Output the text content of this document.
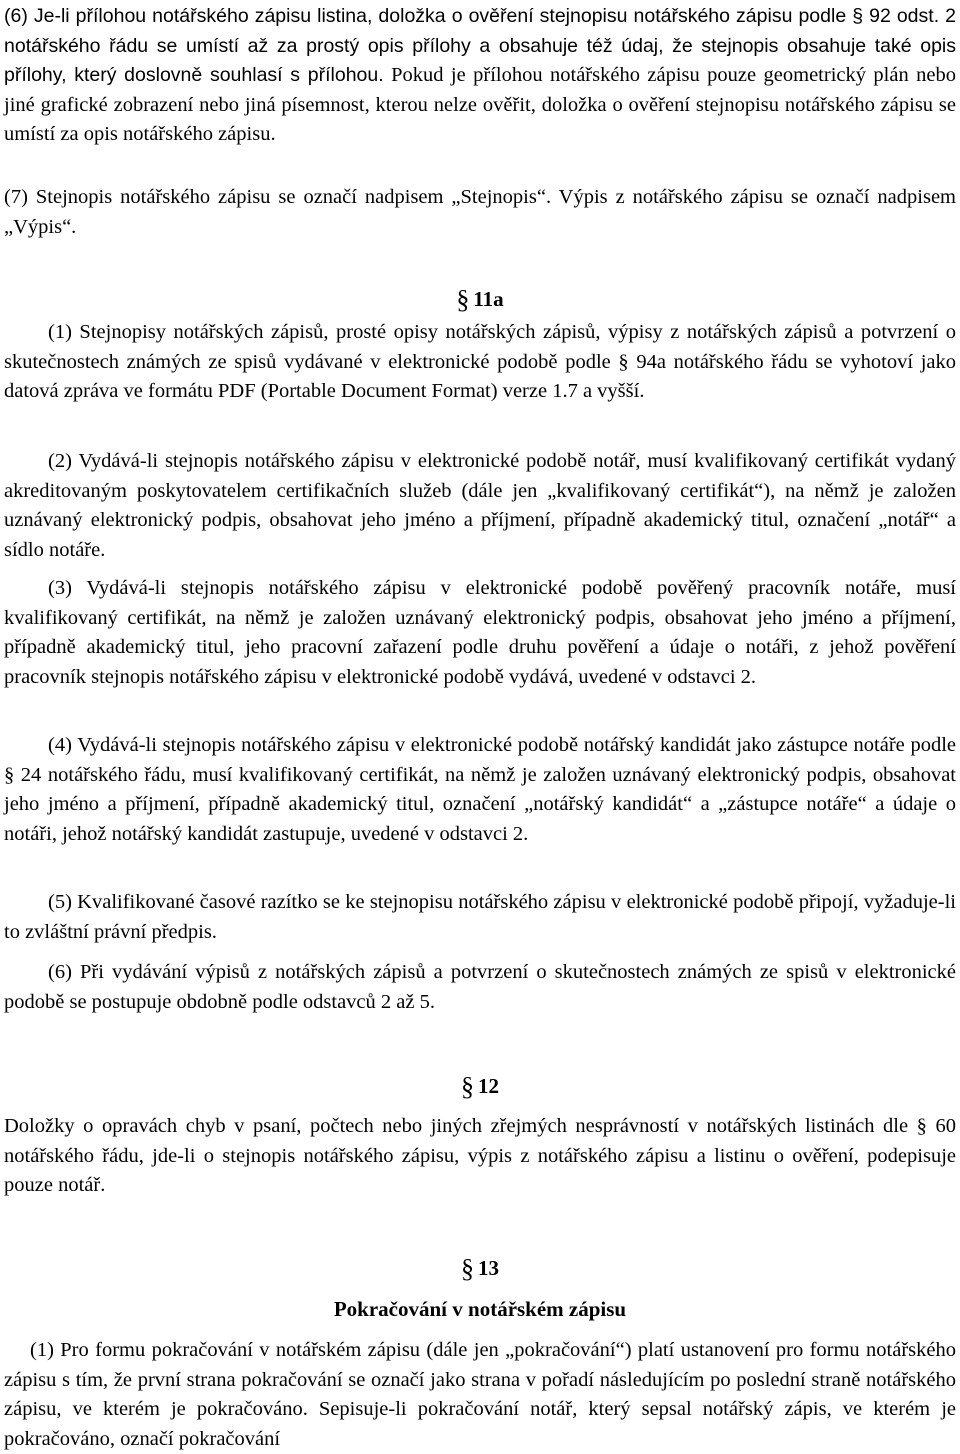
(6) Je-li přílohou notářského zápisu listina, doložka o ověření stejnopisu notářského zápisu podle § 92 odst. 2 notářského řádu se umístí až za prostý opis přílohy a obsahuje též údaj, že stejnopis obsahuje také opis přílohy, který doslovně souhlasí s přílohou. Pokud je přílohou notářského zápisu pouze geometrický plán nebo jiné grafické zobrazení nebo jiná písemnost, kterou nelze ověřit, doložka o ověření stejnopisu notářského zápisu se umístí za opis notářského zápisu.

(7) Stejnopis notářského zápisu se označí nadpisem „Stejnopis“. Výpis z notářského zápisu se označí nadpisem „Výpis“.

§ 11a

(1) Stejnopisy notářských zápisů, prosté opisy notářských zápisů, výpisy z notářských zápisů a potvrzení o skutečnostech známých ze spisů vydávané v elektronické podobě podle § 94a notářského řádu se vyhotoví jako datová zpráva ve formátu PDF (Portable Document Format) verze 1.7 a vyšší.

(2) Vydává-li stejnopis notářského zápisu v elektronické podobě notář, musí kvalifikovaný certifikát vydaný akreditovaným poskytovatelem certifikačních služeb (dále jen „kvalifikovaný certifikát“), na němž je založen uznávaný elektronický podpis, obsahovat jeho jméno a příjmení, případně akademický titul, označení „notář“ a sídlo notáře.

(3) Vydává-li stejnopis notářského zápisu v elektronické podobě pověřený pracovník notáře, musí kvalifikovaný certifikát, na němž je založen uznávaný elektronický podpis, obsahovat jeho jméno a příjmení, případně akademický titul, jeho pracovní zařazení podle druhu pověření a údaje o notáři, z jehož pověření pracovník stejnopis notářského zápisu v elektronické podobě vydává, uvedené v odstavci 2.

(4) Vydává-li stejnopis notářského zápisu v elektronické podobě notářský kandidát jako zástupce notáře podle § 24 notářského řádu, musí kvalifikovaný certifikát, na němž je založen uznávaný elektronický podpis, obsahovat jeho jméno a příjmení, případně akademický titul, označení „notářský kandidát“ a „zástupce notáře“ a údaje o notáři, jehož notářský kandidát zastupuje, uvedené v odstavci 2.

(5) Kvalifikované časové razítko se ke stejnopisu notářského zápisu v elektronické podobě připojí, vyžaduje-li to zvláštní právní předpis.

(6) Při vydávání výpisů z notářských zápisů a potvrzení o skutečnostech známých ze spisů v elektronické podobě se postupuje obdobně podle odstavců 2 až 5.

§ 12

Doložky o opravách chyb v psaní, počtech nebo jiných zřejmých nesprávností v notářských listinách dle § 60 notářského řádu, jde-li o stejnopis notářského zápisu, výpis z notářského zápisu a listinu o ověření, podepisuje pouze notář.

§ 13

Pokračování v notářském zápisu

(1) Pro formu pokračování v notářském zápisu (dále jen „pokračování“) platí ustanovení pro formu notářského zápisu s tím, že první strana pokračování se označí jako strana v pořadí následujícím po poslední straně notářského zápisu, ve kterém je pokračováno. Sepisuje-li pokračování notář, který sepsal notářský zápis, ve kterém je pokračováno, označí pokračování
